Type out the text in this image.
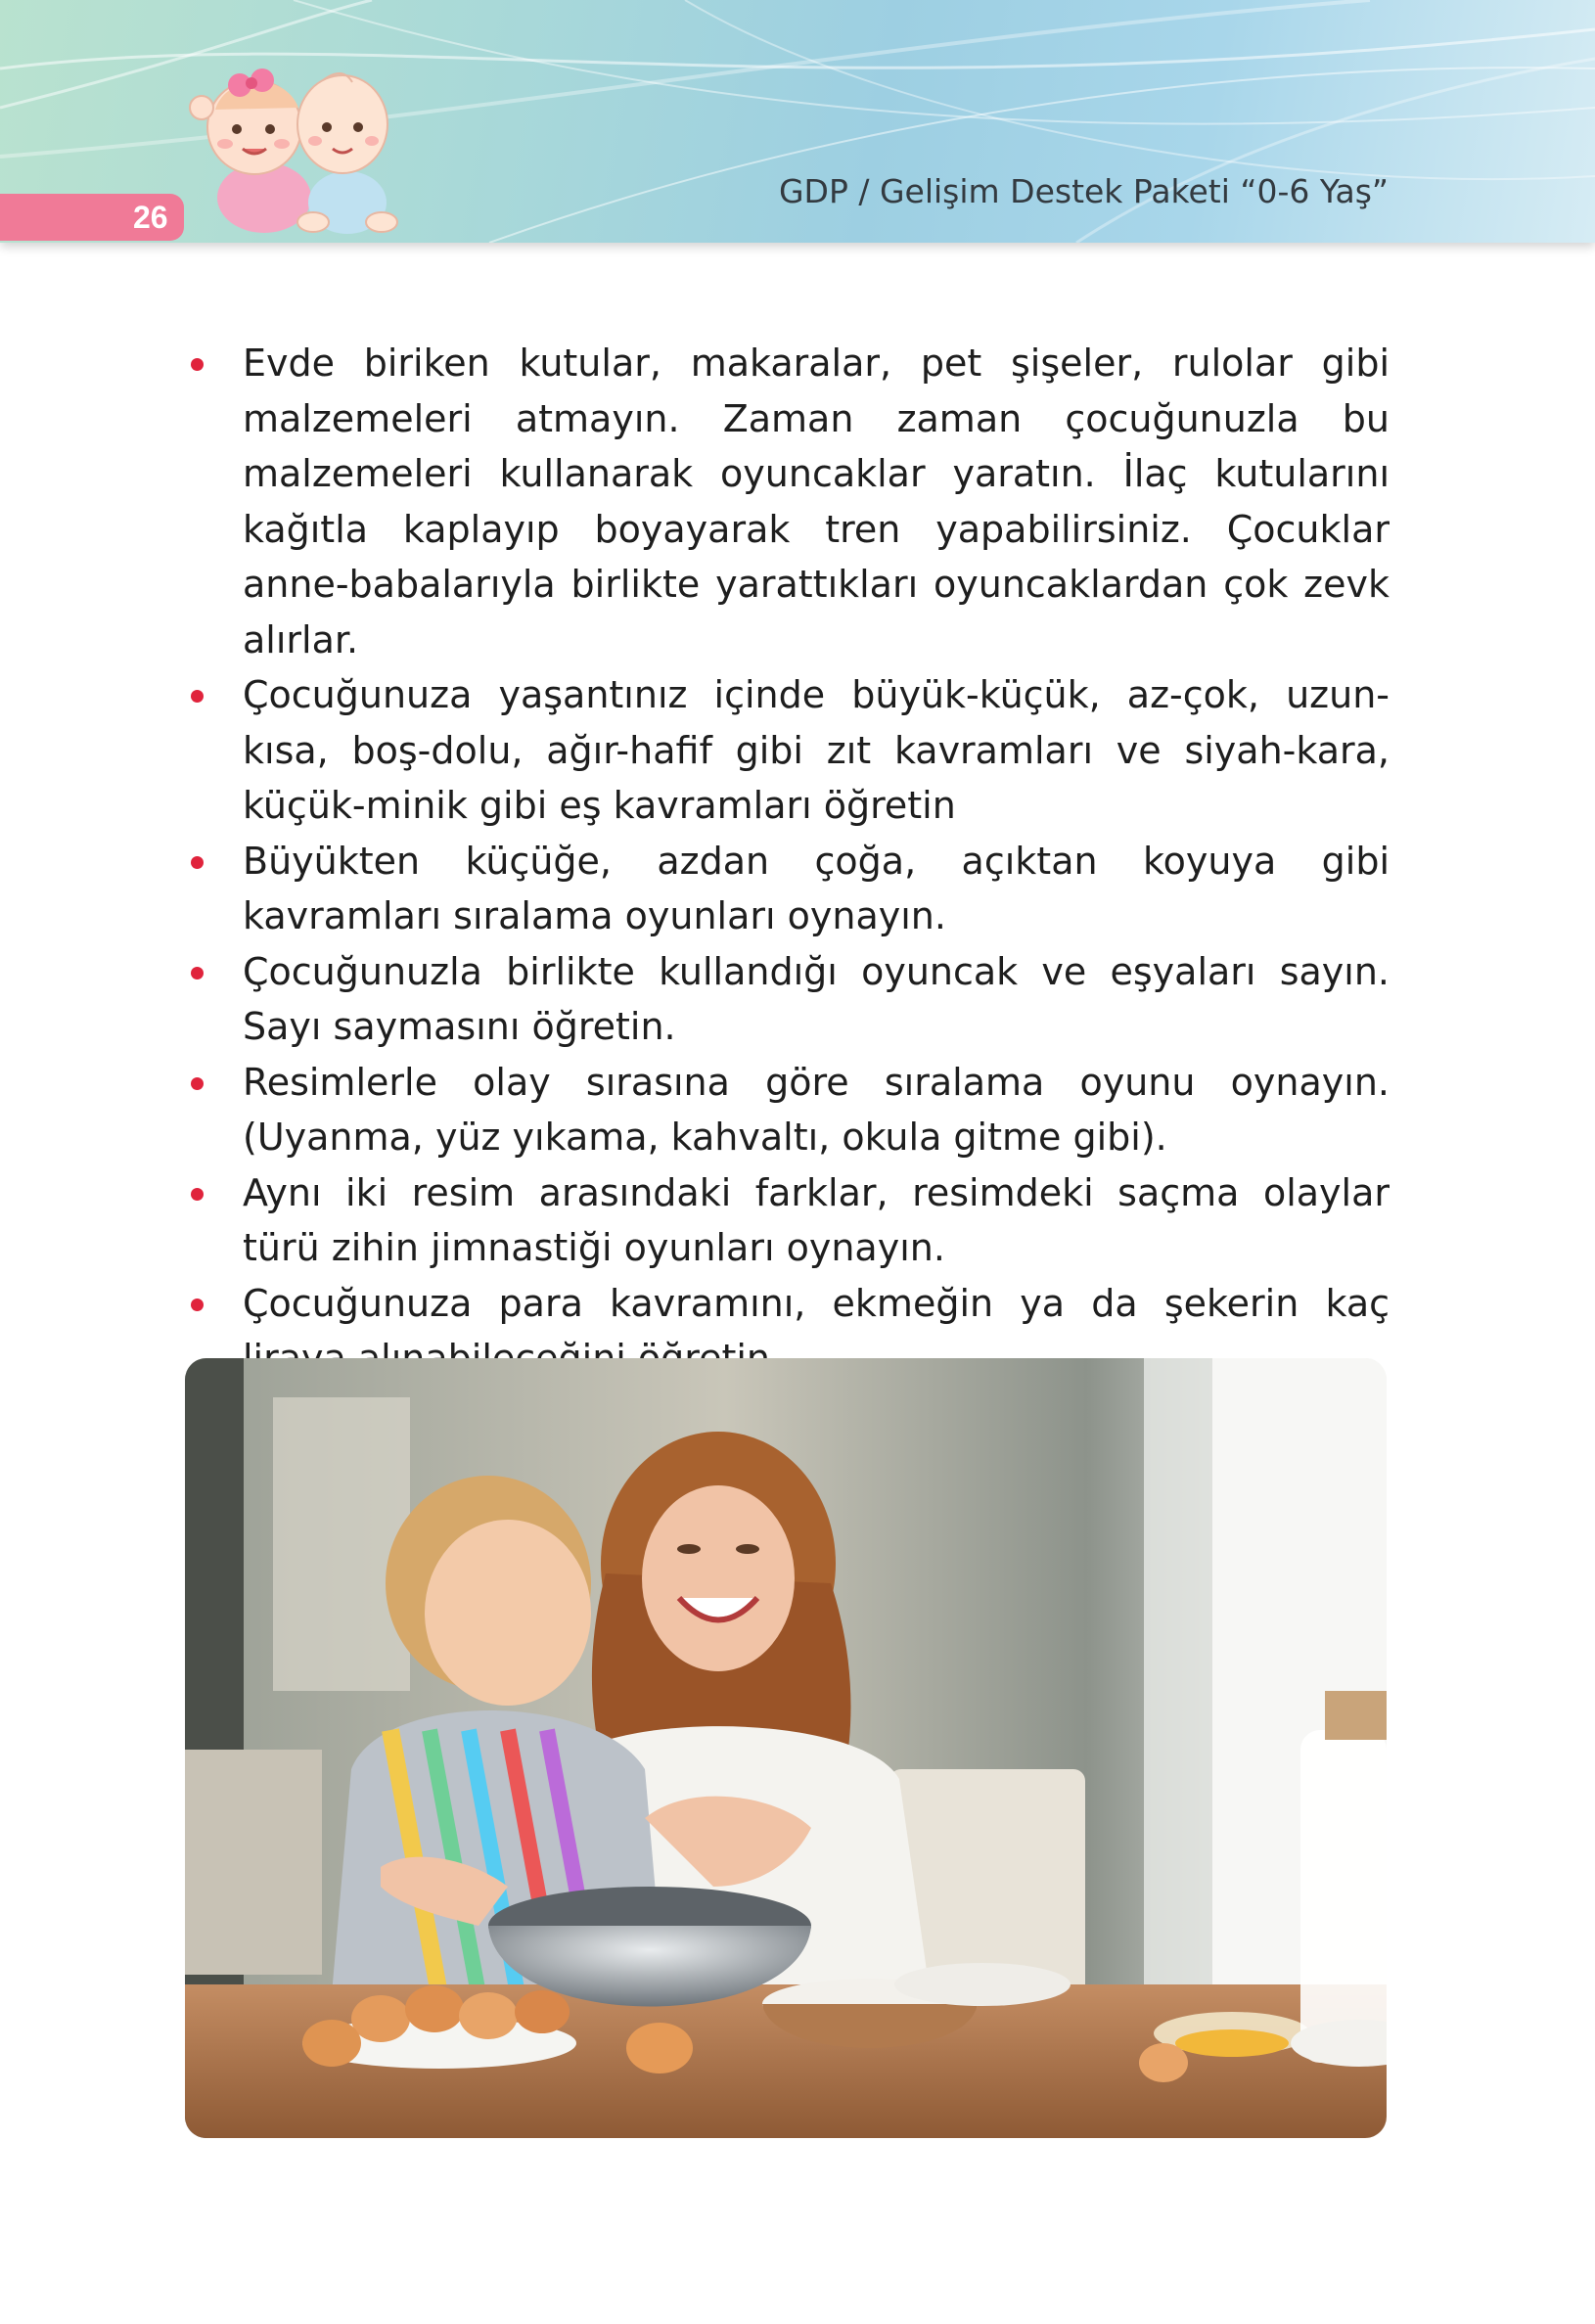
26
GDP / Gelişim Destek Paketi “0-6 Yaş”
Evde biriken kutular, makaralar, pet şişeler, rulolar gibi malzemeleri atmayın. Zaman zaman çocuğunuzla bu malzemeleri kullanarak oyuncaklar yaratın. İlaç kutularını kağıtla kaplayıp boyayarak tren yapabilirsiniz. Çocuklar anne-babalarıyla birlikte yarattıkları oyuncaklardan çok zevk alırlar.
Çocuğunuza yaşantınız içinde büyük-küçük, az-çok, uzun-kısa, boş-dolu, ağır-hafif gibi zıt kavramları ve siyah-kara, küçük-minik gibi eş kavramları öğretin
Büyükten küçüğe, azdan çoğa, açıktan koyuya gibi kavramları sıralama oyunları oynayın.
Çocuğunuzla birlikte kullandığı oyuncak ve eşyaları sayın. Sayı saymasını öğretin.
Resimlerle olay sırasına göre sıralama oyunu oynayın. (Uyanma, yüz yıkama, kahvaltı, okula gitme gibi).
Aynı iki resim arasındaki farklar, resimdeki saçma olaylar türü zihin jimnastiği oyunları oynayın.
Çocuğunuza para kavramını, ekmeğin ya da şekerin kaç
